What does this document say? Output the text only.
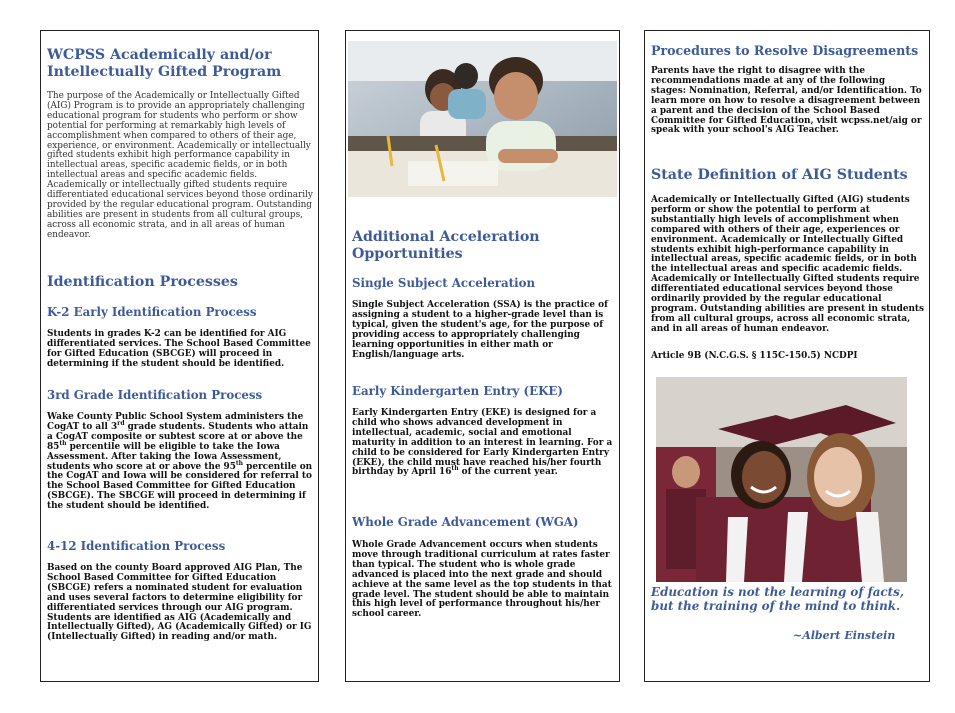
WCPSS Academically and/or Intellectually Gifted Program

The purpose of the Academically or Intellectually Gifted (AIG) Program is to provide an appropriately challenging educational program for students who perform or show potential for performing at remarkably high levels of accomplishment when compared to others of their age, experience, or environment. Academically or intellectually gifted students exhibit high performance capability in intellectual areas, specific academic fields, or in both intellectual areas and specific academic fields. Academically or intellectually gifted students require differentiated educational services beyond those ordinarily provided by the regular educational program. Outstanding abilities are present in students from all cultural groups, across all economic strata, and in all areas of human endeavor.

Identification Processes
K-2 Early Identification Process

Students in grades K-2 can be identified for AIG differentiated services. The School Based Committee for Gifted Education (SBCGE) will proceed in determining if the student should be identified.

3rd Grade Identification Process

Wake County Public School System administers the CogAT to all 3rd grade students. Students who attain a CogAT composite or subtest score at or above the 85th percentile will be eligible to take the Iowa Assessment. After taking the Iowa Assessment, students who score at or above the 95th percentile on the CogAT and Iowa will be considered for referral to the School Based Committee for Gifted Education (SBCGE). The SBCGE will proceed in determining if the student should be identified.

4-12 Identification Process

Based on the county Board approved AIG Plan, The School Based Committee for Gifted Education (SBCGE) refers a nominated student for evaluation and uses several factors to determine eligibility for differentiated services through our AIG program. Students are identified as AIG (Academically and Intellectually Gifted), AG (Academically Gifted) or IG (Intellectually Gifted) in reading and/or math.

Additional Acceleration Opportunities
Single Subject Acceleration

Single Subject Acceleration (SSA) is the practice of assigning a student to a higher-grade level than is typical, given the student's age, for the purpose of providing access to appropriately challenging learning opportunities in either math or English/language arts.

Early Kindergarten Entry (EKE)

Early Kindergarten Entry (EKE) is designed for a child who shows advanced development in intellectual, academic, social and emotional maturity in addition to an interest in learning. For a child to be considered for Early Kindergarten Entry (EKE), the child must have reached his/her fourth birthday by April 16th of the current year.

Whole Grade Advancement (WGA)

Whole Grade Advancement occurs when students move through traditional curriculum at rates faster than typical. The student who is whole grade advanced is placed into the next grade and should achieve at the same level as the top students in that grade level. The student should be able to maintain this high level of performance throughout his/her school career.

Procedures to Resolve Disagreements

Parents have the right to disagree with the recommendations made at any of the following stages: Nomination, Referral, and/or Identification. To learn more on how to resolve a disagreement between a parent and the decision of the School Based Committee for Gifted Education, visit wcpss.net/aig or speak with your school's AIG Teacher.

State Definition of AIG Students

Academically or Intellectually Gifted (AIG) students perform or show the potential to perform at substantially high levels of accomplishment when compared with others of their age, experiences or environment. Academically or Intellectually Gifted students exhibit high-performance capability in intellectual areas, specific academic fields, or in both the intellectual areas and specific academic fields. Academically or Intellectually Gifted students require differentiated educational services beyond those ordinarily provided by the regular educational program. Outstanding abilities are present in students from all cultural groups, across all economic strata, and in all areas of human endeavor.

Article 9B (N.C.G.S. § 115C-150.5) NCDPI

Education is not the learning of facts, but the training of the mind to think.

~Albert Einstein
